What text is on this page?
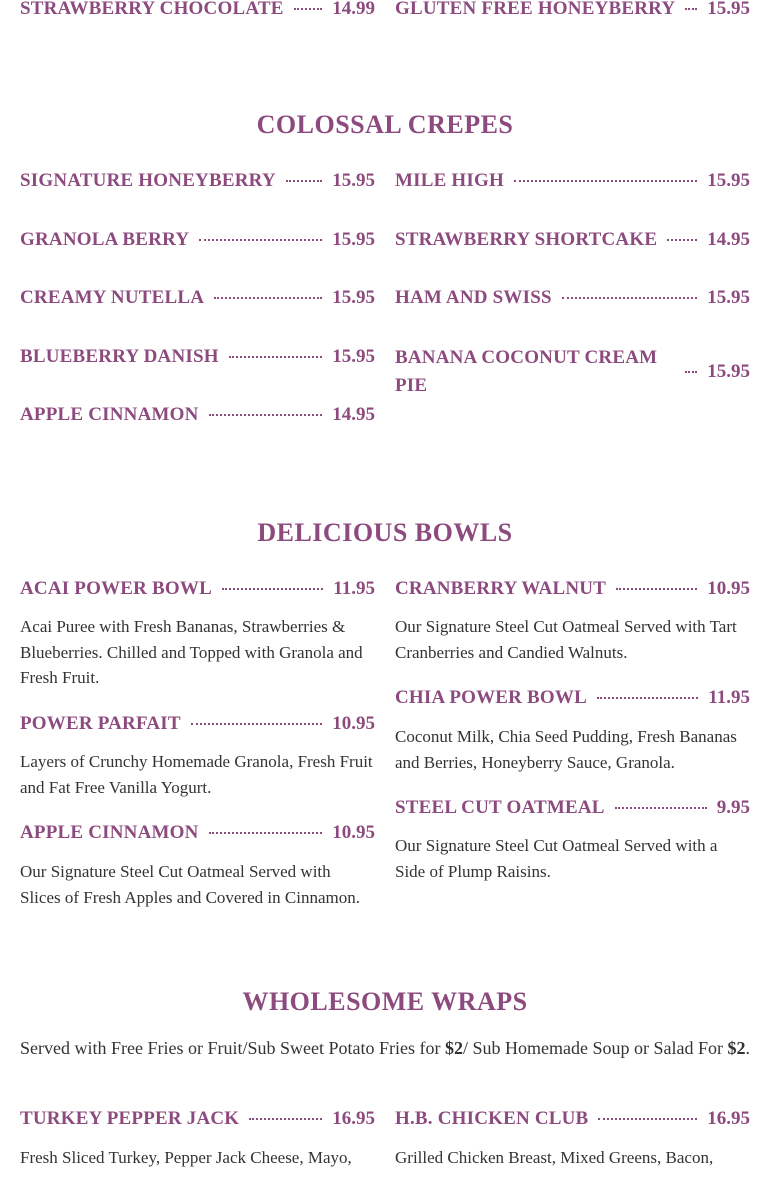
STRAWBERRY CHOCOLATE	14.99 GLUTEN FREE HONEYBERRY 15.95
COLOSSAL CREPES
SIGNATURE HONEYBERRY	15.95
GRANOLA BERRY	15.95
CREAMY NUTELLA	15.95
BLUEBERRY DANISH	15.95
APPLE CINNAMON	14.95
MILE HIGH	15.95
STRAWBERRY SHORTCAKE	14.95
HAM AND SWISS	15.95
BANANA COCONUT CREAM PIE
15.95
DELICIOUS BOWLS
ACAI POWER BOWL	11.95
Acai Puree with Fresh Bananas, Strawberries & Blueberries. Chilled and Topped with Granola and Fresh Fruit.
POWER PARFAIT	10.95
Layers of Crunchy Homemade Granola, Fresh Fruit and Fat Free Vanilla Yogurt.
APPLE CINNAMON	10.95
Our Signature Steel Cut Oatmeal Served with Slices of Fresh Apples and Covered in Cinnamon.
CRANBERRY WALNUT	10.95
Our Signature Steel Cut Oatmeal Served with Tart Cranberries and Candied Walnuts.
CHIA POWER BOWL	11.95
Coconut Milk, Chia Seed Pudding, Fresh Bananas and Berries, Honeyberry Sauce, Granola.
STEEL CUT OATMEAL	9.95
Our Signature Steel Cut Oatmeal Served with a Side of Plump Raisins.
WHOLESOME WRAPS
Served with Free Fries or Fruit/Sub Sweet Potato Fries for $2/ Sub Homemade Soup or Salad For $2.
TURKEY PEPPER JACK	16.95
Fresh Sliced Turkey, Pepper Jack Cheese, Mayo,
H.B. CHICKEN CLUB	16.95
Grilled Chicken Breast, Mixed Greens, Bacon,
